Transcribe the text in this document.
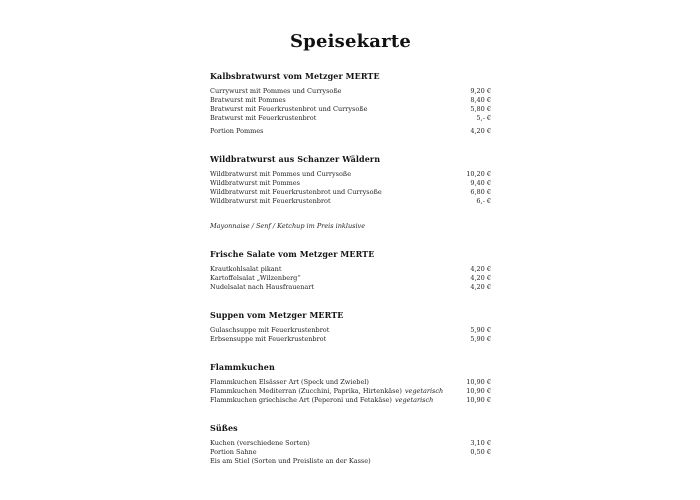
Speisekarte
Kalbsbratwurst vom Metzger MERTE
Currywurst mit Pommes und Currysoße	9,20 €
Bratwurst mit Pommes	8,40 €
Bratwurst mit Feuerkrustenbrot und Currysoße	5,80 €
Bratwurst mit Feuerkrustenbrot	5,- €
Portion Pommes	4,20 €
Wildbratwurst aus Schanzer Wäldern
Wildbratwurst mit Pommes und Currysoße	10,20 €
Wildbratwurst mit Pommes	9,40 €
Wildbratwurst mit Feuerkrustenbrot und Currysoße	6,80 €
Wildbratwurst mit Feuerkrustenbrot	6,- €

Mayonnaise / Senf / Ketchup im Preis inklusive

Frische Salate vom Metzger MERTE
Krautkohlsalat pikant	4,20 €
Kartoffelsalat „Wilzenberg“	4,20 €
Nudelsalat nach Hausfrauenart	4,20 €
Suppen vom Metzger MERTE
Gulaschsuppe mit Feuerkrustenbrot	5,90 €
Erbsensuppe mit Feuerkrustenbrot	5,90 €
Flammkuchen
Flammkuchen Elsässer Art (Speck und Zwiebel)	10,90 €
Flammkuchen Mediterran (Zucchini, Paprika, Hirtenkäse) vegetarisch	10,90 €
Flammkuchen griechische Art (Peperoni und Fetakäse) vegetarisch	10,90 €
Süßes
Kuchen (verschiedene Sorten)	3,10 €
Portion Sahne	0,50 €
Eis am Stiel (Sorten und Preisliste an der Kasse)
